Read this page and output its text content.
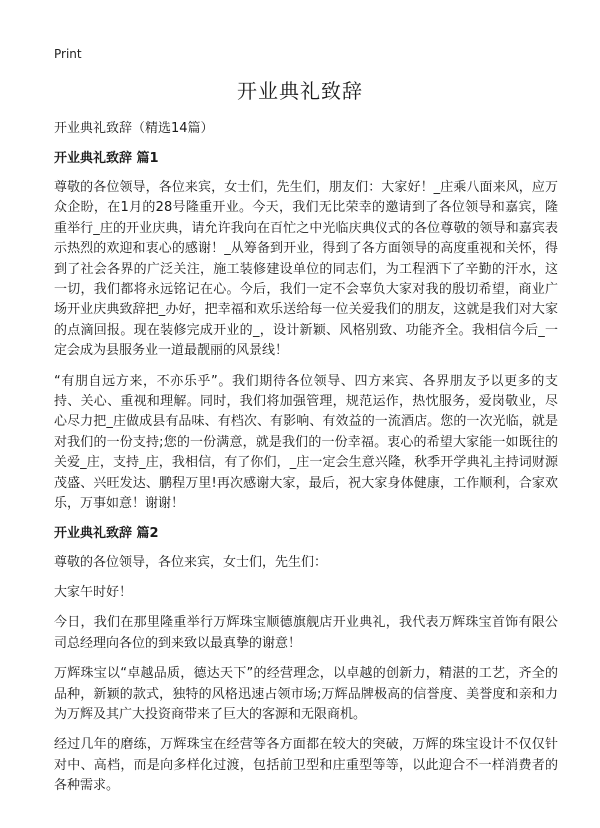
Print
开业典礼致辞
开业典礼致辞（精选14篇）
开业典礼致辞 篇1

尊敬的各位领导，各位来宾，女士们，先生们，朋友们：大家好！_庄乘八面来风，应万众企盼，在1月的28号隆重开业。今天，我们无比荣幸的邀请到了各位领导和嘉宾，隆重举行_庄的开业庆典，请允许我向在百忙之中光临庆典仪式的各位尊敬的领导和嘉宾表示热烈的欢迎和衷心的感谢！_从筹备到开业，得到了各方面领导的高度重视和关怀，得到了社会各界的广泛关注，施工装修建设单位的同志们，为工程洒下了辛勤的汗水，这一切，我们都将永远铭记在心。今后，我们一定不会辜负大家对我的殷切希望，商业广场开业庆典致辞把_办好，把幸福和欢乐送给每一位关爱我们的朋友，这就是我们对大家的点滴回报。现在装修完成开业的_，设计新颖、风格别致、功能齐全。我相信今后_一定会成为县服务业一道最靓丽的风景线！

“有朋自远方来，不亦乐乎”。我们期待各位领导、四方来宾、各界朋友予以更多的支持、关心、重视和理解。同时，我们将加强管理，规范运作，热忱服务，爱岗敬业，尽心尽力把_庄做成县有品味、有档次、有影响、有效益的一流酒店。您的一次光临，就是对我们的一份支持;您的一份满意，就是我们的一份幸福。衷心的希望大家能一如既往的关爱_庄，支持_庄，我相信，有了你们，_庄一定会生意兴隆，秋季开学典礼主持词财源茂盛、兴旺发达、鹏程万里!再次感谢大家，最后，祝大家身体健康，工作顺利，合家欢乐，万事如意！谢谢！

开业典礼致辞 篇2

尊敬的各位领导，各位来宾，女士们，先生们：

大家午时好！

今日，我们在那里隆重举行万辉珠宝顺德旗舰店开业典礼，我代表万辉珠宝首饰有限公司总经理向各位的到来致以最真挚的谢意！

万辉珠宝以“卓越品质，德达天下”的经营理念，以卓越的创新力，精湛的工艺，齐全的品种，新颖的款式，独特的风格迅速占领市场;万辉品牌极高的信誉度、美誉度和亲和力为万辉及其广大投资商带来了巨大的客源和无限商机。

经过几年的磨练，万辉珠宝在经营等各方面都在较大的突破，万辉的珠宝设计不仅仅针对中、高档，而是向多样化过渡，包括前卫型和庄重型等等，以此迎合不一样消费者的各种需求。
